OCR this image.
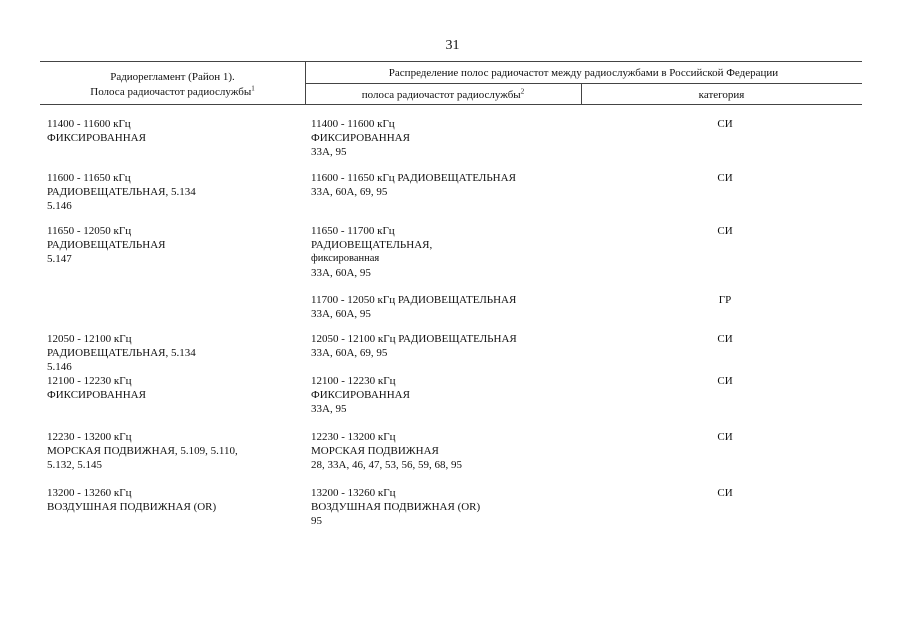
31
Радиорегламент (Район 1).
Полоса радиочастот радиослужбы$^1$
Распределение полос радиочастот между радиослужбами в Российской Федерации
полоса радиочастот радиослужбы$^2$	категория
11400 - 11600 кГц
ФИКСИРОВАННАЯ
11400 - 11600 кГц
ФИКСИРОВАННАЯ
33А, 95
СИ
11600 - 11650 кГц
РАДИОВЕЩАТЕЛЬНАЯ, 5.134
5.146
11600 - 11650 кГц РАДИОВЕЩАТЕЛЬНАЯ
33А, 60А, 69, 95
СИ
11650 - 12050 кГц
РАДИОВЕЩАТЕЛЬНАЯ
5.147
11650 - 11700 кГц
РАДИОВЕЩАТЕЛЬНАЯ,
фиксированная
33А, 60А, 95
СИ
11700 - 12050 кГц РАДИОВЕЩАТЕЛЬНАЯ
33А, 60А, 95
ГР
12050 - 12100 кГц
РАДИОВЕЩАТЕЛЬНАЯ, 5.134
5.146
12050 - 12100 кГц РАДИОВЕЩАТЕЛЬНАЯ
33А, 60А, 69, 95
СИ
12100 - 12230 кГц
ФИКСИРОВАННАЯ
12100 - 12230 кГц
ФИКСИРОВАННАЯ
33А, 95
СИ
12230 - 13200 кГц
МОРСКАЯ ПОДВИЖНАЯ, 5.109, 5.110,
5.132, 5.145
12230 - 13200 кГц
МОРСКАЯ ПОДВИЖНАЯ
28, 33А, 46, 47, 53, 56, 59, 68, 95
СИ
13200 - 13260 кГц
ВОЗДУШНАЯ ПОДВИЖНАЯ (OR)
13200 - 13260 кГц
ВОЗДУШНАЯ ПОДВИЖНАЯ (OR)
95
СИ
